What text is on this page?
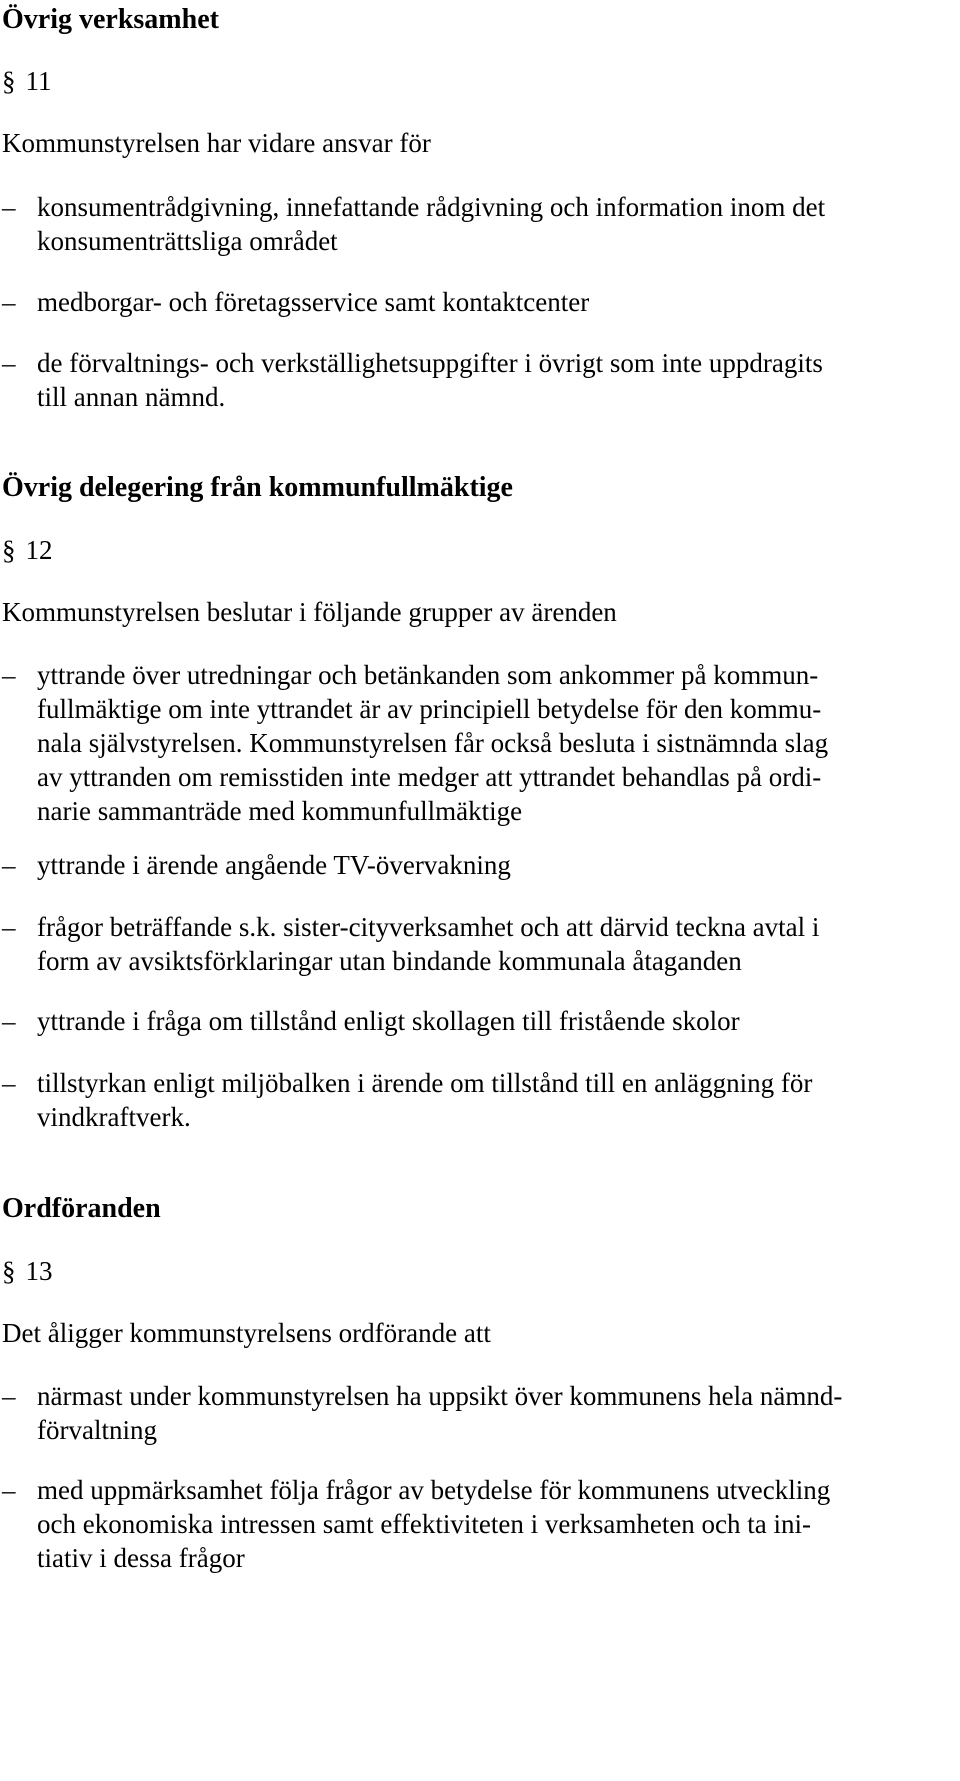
Övrig verksamhet
§ 11
Kommunstyrelsen har vidare ansvar för
– konsumentrådgivning, innefattande rådgivning och information inom det
konsumenträttsliga området
– medborgar- och företagsservice samt kontaktcenter
– de förvaltnings- och verkställighetsuppgifter i övrigt som inte uppdragits
till annan nämnd.
Övrig delegering från kommunfullmäktige
§ 12
Kommunstyrelsen beslutar i följande grupper av ärenden
– yttrande över utredningar och betänkanden som ankommer på kommun-
fullmäktige om inte yttrandet är av principiell betydelse för den kommu-
nala självstyrelsen. Kommunstyrelsen får också besluta i sistnämnda slag
av yttranden om remisstiden inte medger att yttrandet behandlas på ordi-
narie sammanträde med kommunfullmäktige
– yttrande i ärende angående TV-övervakning
– frågor beträffande s.k. sister-cityverksamhet och att därvid teckna avtal i
form av avsiktsförklaringar utan bindande kommunala åtaganden
– yttrande i fråga om tillstånd enligt skollagen till fristående skolor
– tillstyrkan enligt miljöbalken i ärende om tillstånd till en anläggning för
vindkraftverk.
Ordföranden
§ 13
Det åligger kommunstyrelsens ordförande att
– närmast under kommunstyrelsen ha uppsikt över kommunens hela nämnd-
förvaltning
– med uppmärksamhet följa frågor av betydelse för kommunens utveckling
och ekonomiska intressen samt effektiviteten i verksamheten och ta ini-
tiativ i dessa frågor
